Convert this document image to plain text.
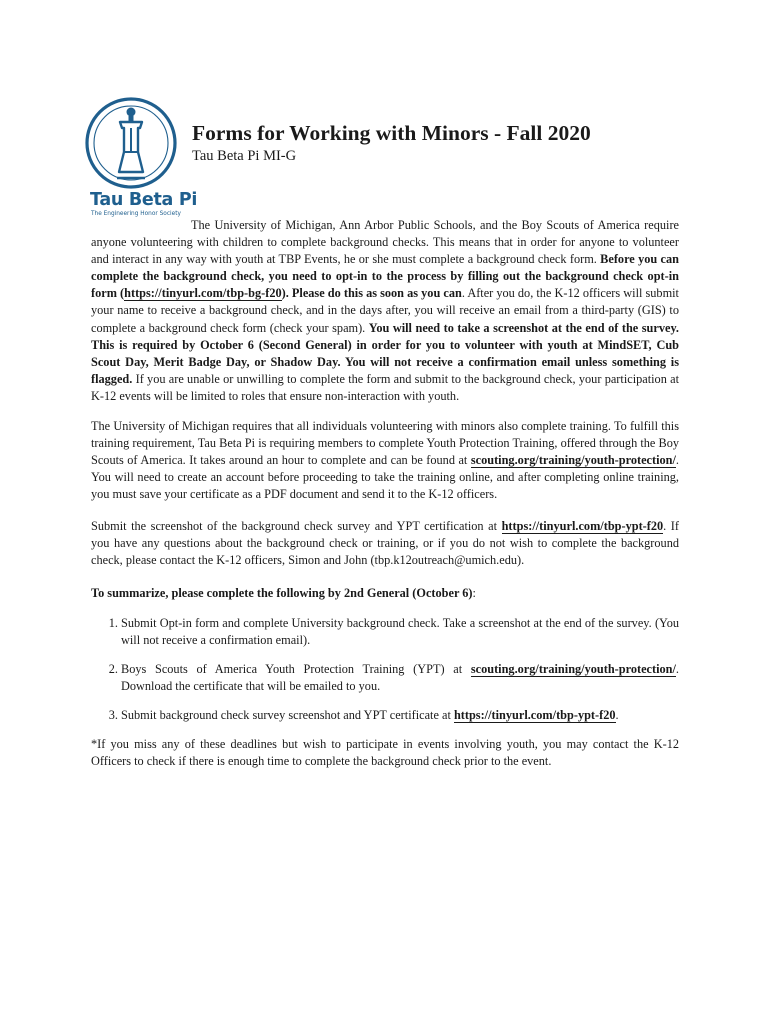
Tau Beta Pi
The Engineering Honor Society
Forms for Working with Minors - Fall 2020
Tau Beta Pi MI-G

The University of Michigan, Ann Arbor Public Schools, and the Boy Scouts of America require anyone volunteering with children to complete background checks. This means that in order for anyone to volunteer and interact in any way with youth at TBP Events, he or she must complete a background check form. Before you can complete the background check, you need to opt-in to the process by filling out the background check opt-in form (https://tinyurl.com/tbp-bg-f20). Please do this as soon as you can. After you do, the K-12 officers will submit your name to receive a background check, and in the days after, you will receive an email from a third-party (GIS) to complete a background check form (check your spam). You will need to take a screenshot at the end of the survey. This is required by October 6 (Second General) in order for you to volunteer with youth at MindSET, Cub Scout Day, Merit Badge Day, or Shadow Day. You will not receive a confirmation email unless something is flagged. If you are unable or unwilling to complete the form and submit to the background check, your participation at K-12 events will be limited to roles that ensure non-interaction with youth.

The University of Michigan requires that all individuals volunteering with minors also complete training. To fulfill this training requirement, Tau Beta Pi is requiring members to complete Youth Protection Training, offered through the Boy Scouts of America. It takes around an hour to complete and can be found at scouting.org/training/youth-protection/. You will need to create an account before proceeding to take the training online, and after completing online training, you must save your certificate as a PDF document and send it to the K-12 officers.

Submit the screenshot of the background check survey and YPT certification at https://tinyurl.com/tbp-ypt-f20. If you have any questions about the background check or training, or if you do not wish to complete the background check, please contact the K-12 officers, Simon and John (tbp.k12outreach@umich.edu).

To summarize, please complete the following by 2nd General (October 6):

1. Submit Opt-in form and complete University background check. Take a screenshot at the end of the survey. (You will not receive a confirmation email).
2. Boys Scouts of America Youth Protection Training (YPT) at scouting.org/training/youth-protection/. Download the certificate that will be emailed to you.
3. Submit background check survey screenshot and YPT certificate at https://tinyurl.com/tbp-ypt-f20.

*If you miss any of these deadlines but wish to participate in events involving youth, you may contact the K-12 Officers to check if there is enough time to complete the background check prior to the event.
